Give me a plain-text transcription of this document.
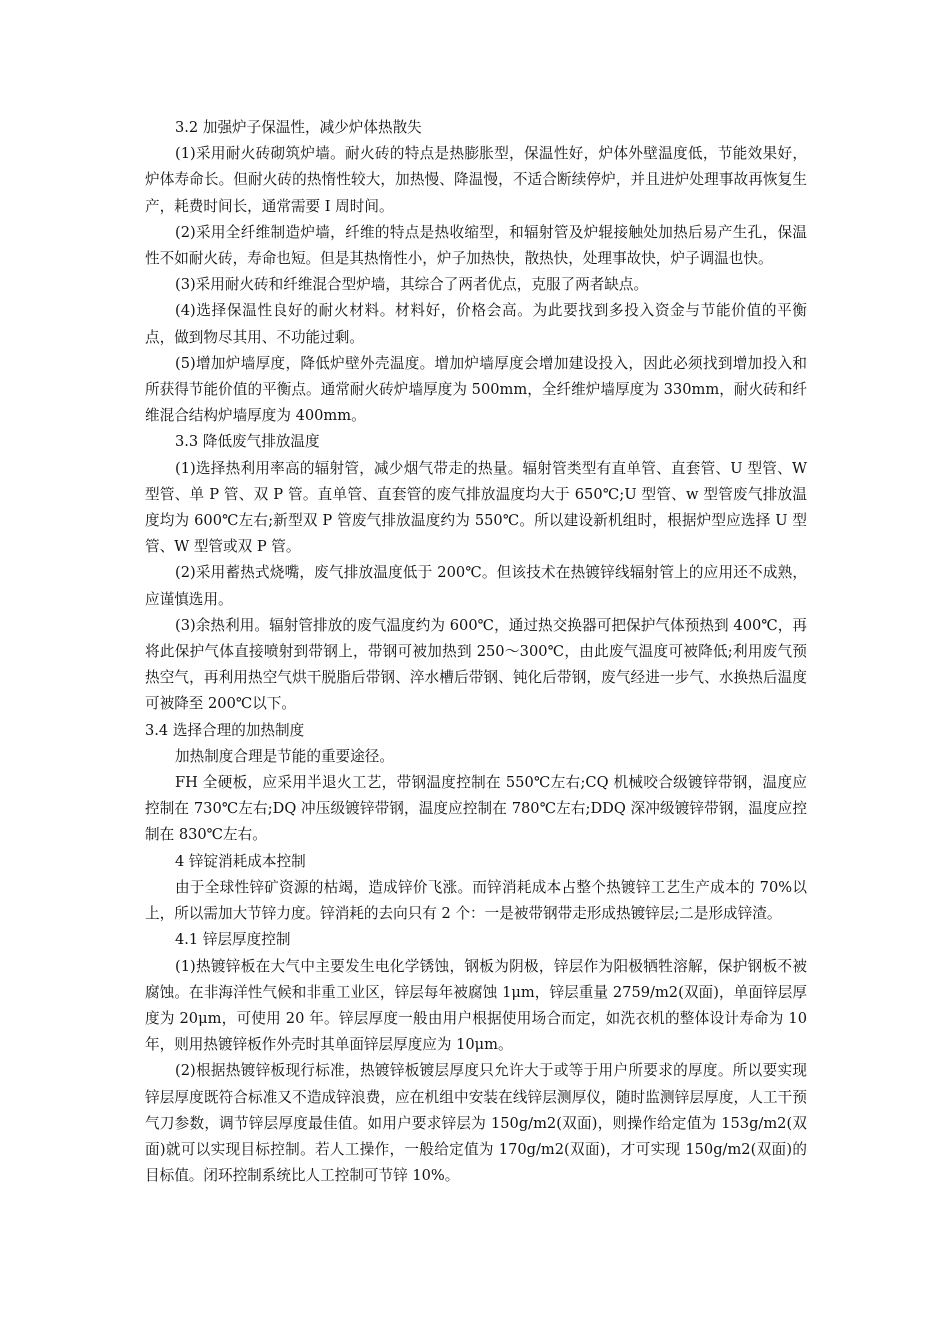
3.2 加强炉子保温性，减少炉体热散失

(1)采用耐火砖砌筑炉墙。耐火砖的特点是热膨胀型，保温性好，炉体外壁温度低，节能效果好，炉体寿命长。但耐火砖的热惰性较大，加热慢、降温慢，不适合断续停炉，并且进炉处理事故再恢复生产，耗费时间长，通常需要 I 周时间。

(2)采用全纤维制造炉墙，纤维的特点是热收缩型，和辐射管及炉辊接触处加热后易产生孔，保温性不如耐火砖，寿命也短。但是其热惰性小，炉子加热快，散热快，处理事故快，炉子调温也快。

(3)采用耐火砖和纤维混合型炉墙，其综合了两者优点，克服了两者缺点。

(4)选择保温性良好的耐火材料。材料好，价格会高。为此要找到多投入资金与节能价值的平衡点，做到物尽其用、不功能过剩。

(5)增加炉墙厚度，降低炉壁外壳温度。增加炉墙厚度会增加建设投入，因此必须找到增加投入和所获得节能价值的平衡点。通常耐火砖炉墙厚度为 500mm，全纤维炉墙厚度为 330mm，耐火砖和纤维混合结构炉墙厚度为 400mm。

3.3 降低废气排放温度

(1)选择热利用率高的辐射管，减少烟气带走的热量。辐射管类型有直单管、直套管、U 型管、W 型管、单 P 管、双 P 管。直单管、直套管的废气排放温度均大于 650℃;U 型管、w 型管废气排放温度均为 600℃左右;新型双 P 管废气排放温度约为 550℃。所以建设新机组时，根据炉型应选择 U 型管、W 型管或双 P 管。

(2)采用蓄热式烧嘴，废气排放温度低于 200℃。但该技术在热镀锌线辐射管上的应用还不成熟，应谨慎选用。

(3)余热利用。辐射管排放的废气温度约为 600℃，通过热交换器可把保护气体预热到 400℃，再将此保护气体直接喷射到带钢上，带钢可被加热到 250～300℃，由此废气温度可被降低;利用废气预热空气，再利用热空气烘干脱脂后带钢、淬水槽后带钢、钝化后带钢，废气经进一步气、水换热后温度可被降至 200℃以下。

3.4 选择合理的加热制度

加热制度合理是节能的重要途径。

FH 全硬板，应采用半退火工艺，带钢温度控制在 550℃左右;CQ 机械咬合级镀锌带钢，温度应控制在 730℃左右;DQ 冲压级镀锌带钢，温度应控制在 780℃左右;DDQ 深冲级镀锌带钢，温度应控制在 830℃左右。

4 锌锭消耗成本控制

由于全球性锌矿资源的枯竭，造成锌价飞涨。而锌消耗成本占整个热镀锌工艺生产成本的 70%以上，所以需加大节锌力度。锌消耗的去向只有 2 个：一是被带钢带走形成热镀锌层;二是形成锌渣。

4.1 锌层厚度控制

(1)热镀锌板在大气中主要发生电化学锈蚀，钢板为阴极，锌层作为阳极牺牲溶解，保护钢板不被腐蚀。在非海洋性气候和非重工业区，锌层每年被腐蚀 1μm，锌层重量 2759/m2(双面)，单面锌层厚度为 20μm，可使用 20 年。锌层厚度一般由用户根据使用场合而定，如洗衣机的整体设计寿命为 10 年，则用热镀锌板作外壳时其单面锌层厚度应为 10μm。

(2)根据热镀锌板现行标准，热镀锌板镀层厚度只允许大于或等于用户所要求的厚度。所以要实现锌层厚度既符合标准又不造成锌浪费，应在机组中安装在线锌层测厚仪，随时监测锌层厚度，人工干预气刀参数，调节锌层厚度最佳值。如用户要求锌层为 150g/m2(双面)，则操作给定值为 153g/m2(双面)就可以实现目标控制。若人工操作，一般给定值为 170g/m2(双面)，才可实现 150g/m2(双面)的目标值。闭环控制系统比人工控制可节锌 10%。
